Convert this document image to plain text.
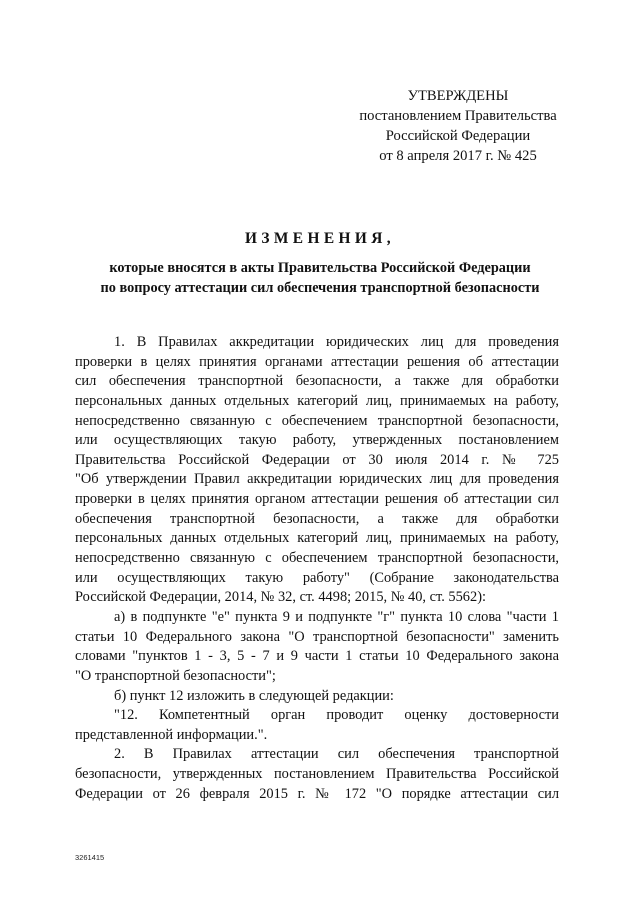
УТВЕРЖДЕНЫ
постановлением Правительства
Российской Федерации
от 8 апреля 2017 г. № 425
ИЗМЕНЕНИЯ,
которые вносятся в акты Правительства Российской Федерации
по вопросу аттестации сил обеспечения транспортной безопасности
1. В Правилах аккредитации юридических лиц для проведения
проверки в целях принятия органами аттестации решения об аттестации
сил обеспечения транспортной безопасности, а также для обработки
персональных данных отдельных категорий лиц, принимаемых на работу,
непосредственно связанную с обеспечением транспортной безопасности,
или осуществляющих такую работу, утвержденных постановлением
Правительства Российской Федерации от 30 июля 2014 г. № 725
"Об утверждении Правил аккредитации юридических лиц для проведения
проверки в целях принятия органом аттестации решения об аттестации сил
обеспечения транспортной безопасности, а также для обработки
персональных данных отдельных категорий лиц, принимаемых на работу,
непосредственно связанную с обеспечением транспортной безопасности,
или осуществляющих такую работу" (Собрание законодательства
Российской Федерации, 2014, № 32, ст. 4498; 2015, № 40, ст. 5562):
а) в подпункте "е" пункта 9 и подпункте "г" пункта 10 слова "части 1
статьи 10 Федерального закона "О транспортной безопасности" заменить
словами "пунктов 1 - 3, 5 - 7 и 9 части 1 статьи 10 Федерального закона
"О транспортной безопасности";
б) пункт 12 изложить в следующей редакции:
"12. Компетентный орган проводит оценку достоверности
представленной информации.".
2. В Правилах аттестации сил обеспечения транспортной
безопасности, утвержденных постановлением Правительства Российской
Федерации от 26 февраля 2015 г. № 172 "О порядке аттестации сил
3261415
